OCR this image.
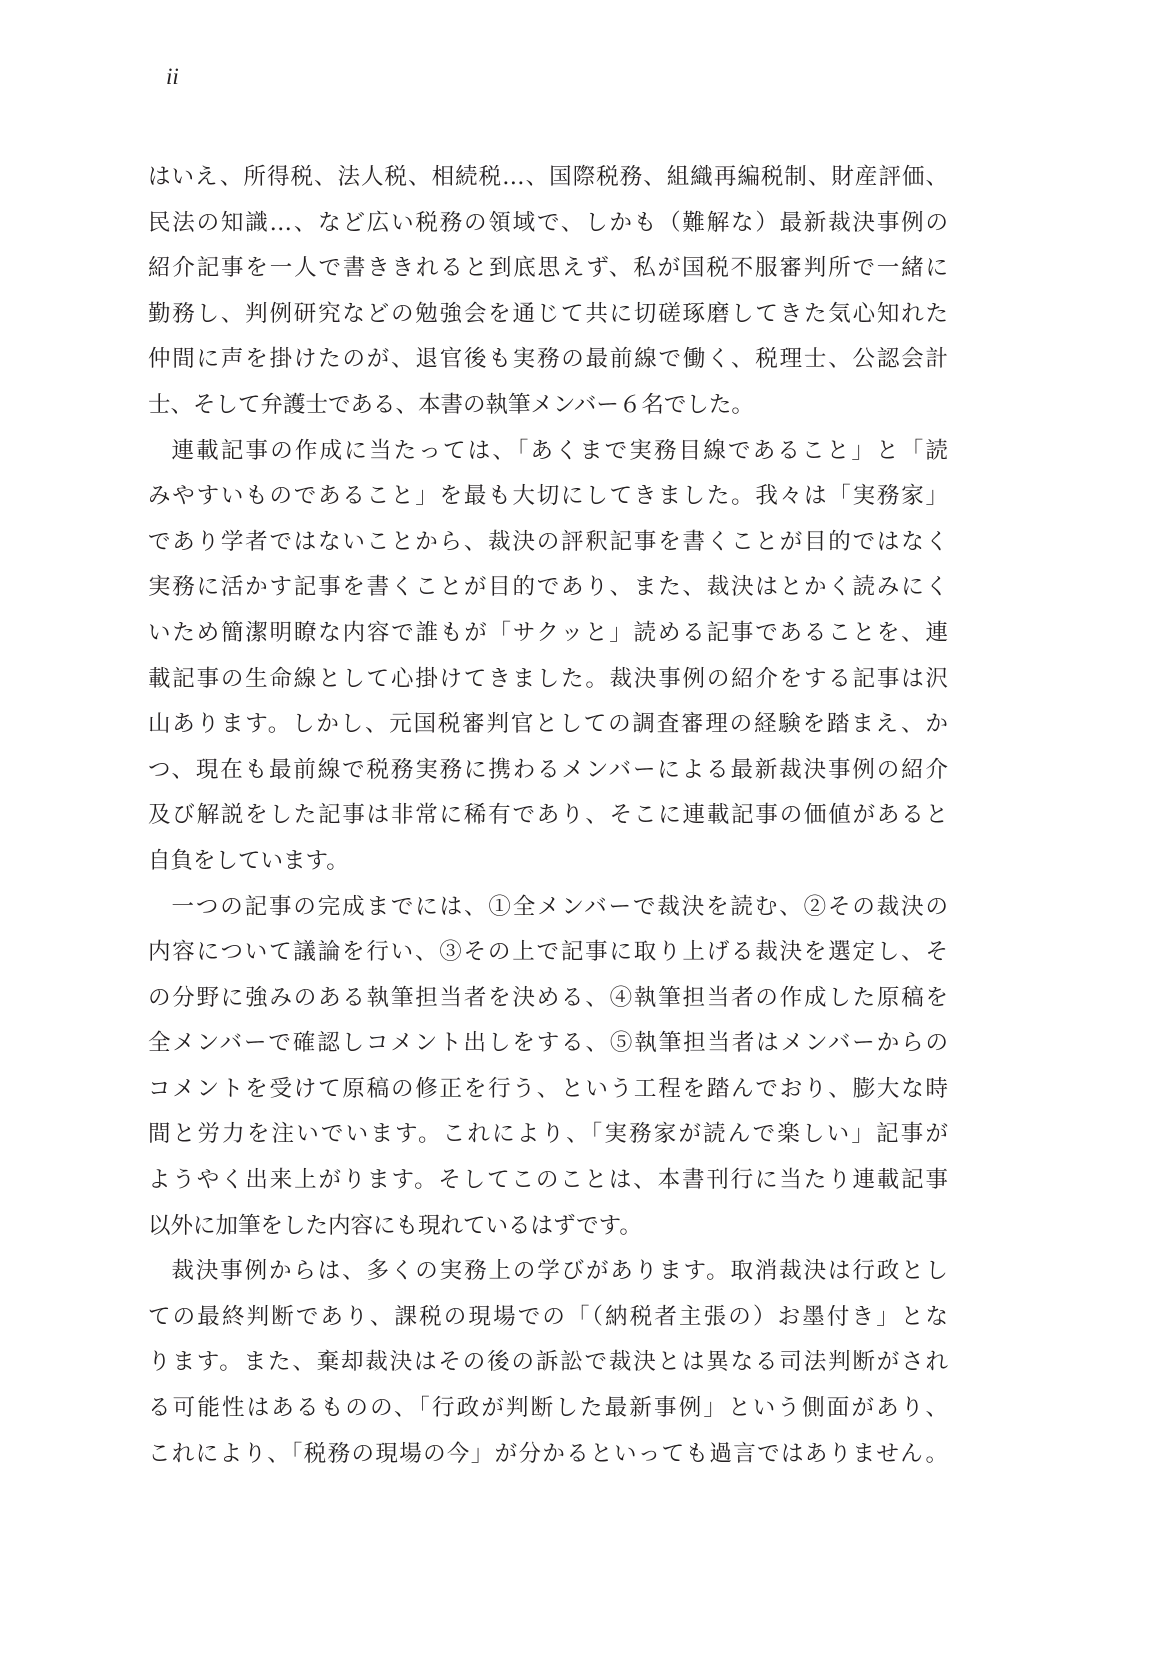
ii
はいえ、所得税、法人税、相続税…、国際税務、組織再編税制、財産評価、
民法の知識…、など広い税務の領域で、しかも（難解な）最新裁決事例の
紹介記事を一人で書ききれると到底思えず、私が国税不服審判所で一緒に
勤務し、判例研究などの勉強会を通じて共に切磋琢磨してきた気心知れた
仲間に声を掛けたのが、退官後も実務の最前線で働く、税理士、公認会計
士、そして弁護士である、本書の執筆メンバー６名でした。
連載記事の作成に当たっては、「あくまで実務目線であること」と「読
みやすいものであること」を最も大切にしてきました。我々は「実務家」
であり学者ではないことから、裁決の評釈記事を書くことが目的ではなく
実務に活かす記事を書くことが目的であり、また、裁決はとかく読みにく
いため簡潔明瞭な内容で誰もが「サクッと」読める記事であることを、連
載記事の生命線として心掛けてきました。裁決事例の紹介をする記事は沢
山あります。しかし、元国税審判官としての調査審理の経験を踏まえ、か
つ、現在も最前線で税務実務に携わるメンバーによる最新裁決事例の紹介
及び解説をした記事は非常に稀有であり、そこに連載記事の価値があると
自負をしています。
一つの記事の完成までには、①全メンバーで裁決を読む、②その裁決の
内容について議論を行い、③その上で記事に取り上げる裁決を選定し、そ
の分野に強みのある執筆担当者を決める、④執筆担当者の作成した原稿を
全メンバーで確認しコメント出しをする、⑤執筆担当者はメンバーからの
コメントを受けて原稿の修正を行う、という工程を踏んでおり、膨大な時
間と労力を注いでいます。これにより、「実務家が読んで楽しい」記事が
ようやく出来上がります。そしてこのことは、本書刊行に当たり連載記事
以外に加筆をした内容にも現れているはずです。
裁決事例からは、多くの実務上の学びがあります。取消裁決は行政とし
ての最終判断であり、課税の現場での「（納税者主張の）お墨付き」とな
ります。また、棄却裁決はその後の訴訟で裁決とは異なる司法判断がされ
る可能性はあるものの、「行政が判断した最新事例」という側面があり、
これにより、「税務の現場の今」が分かるといっても過言ではありません。
